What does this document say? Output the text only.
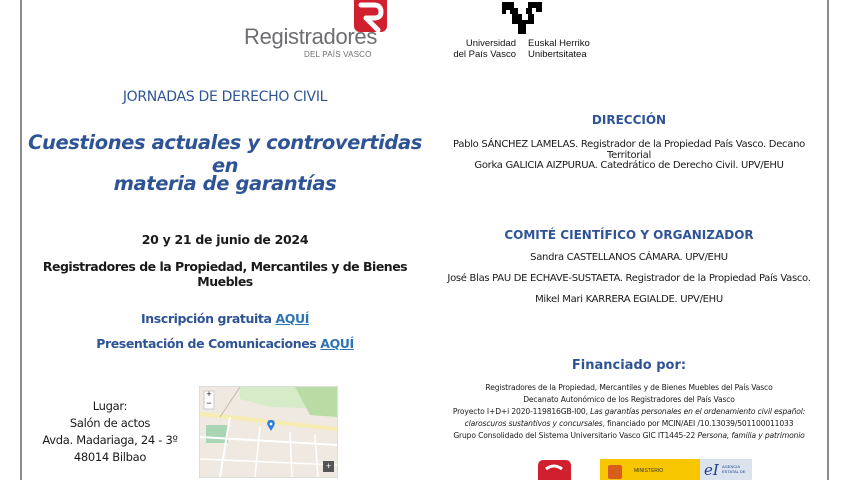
Registradores
DEL PAÍS VASCO
Universidad
del País Vasco
Euskal Herriko
Unibertsitatea
JORNADAS DE DERECHO CIVIL
Cuestiones actuales y controvertidas en
materia de garantías
20 y 21 de junio de 2024
Registradores de la Propiedad, Mercantiles y de Bienes Muebles
Inscripción gratuita AQUÍ
Presentación de Comunicaciones AQUÍ
Lugar:
Salón de actos
Avda. Madariaga, 24 - 3º
48014 Bilbao
+
−
+
DIRECCIÓN
Pablo SÁNCHEZ LAMELAS. Registrador de la Propiedad País Vasco. Decano Territorial
Gorka GALICIA AIZPURUA. Catedrático de Derecho Civil. UPV/EHU
COMITÉ CIENTÍFICO Y ORGANIZADOR
Sandra CASTELLANOS CÁMARA. UPV/EHU
José Blas PAU DE ECHAVE-SUSTAETA. Registrador de la Propiedad País Vasco.
Mikel Mari KARRERA EGIALDE. UPV/EHU
Financiado por:
Registradores de la Propiedad, Mercantiles y de Bienes Muebles del País Vasco
Decanato Autonómico de los Registradores del País Vasco
Proyecto I+D+i 2020-119816GB-I00, Las garantías personales en el ordenamiento civil español:
claroscuros sustantivos y concursales, financiado por MCIN/AEI /10.13039/501100011033
Grupo Consolidado del Sistema Universitario Vasco GIC IT1445-22 Persona, familia y patrimonio
MINISTERIO	eI AGENCIA
ESTATAL DE
